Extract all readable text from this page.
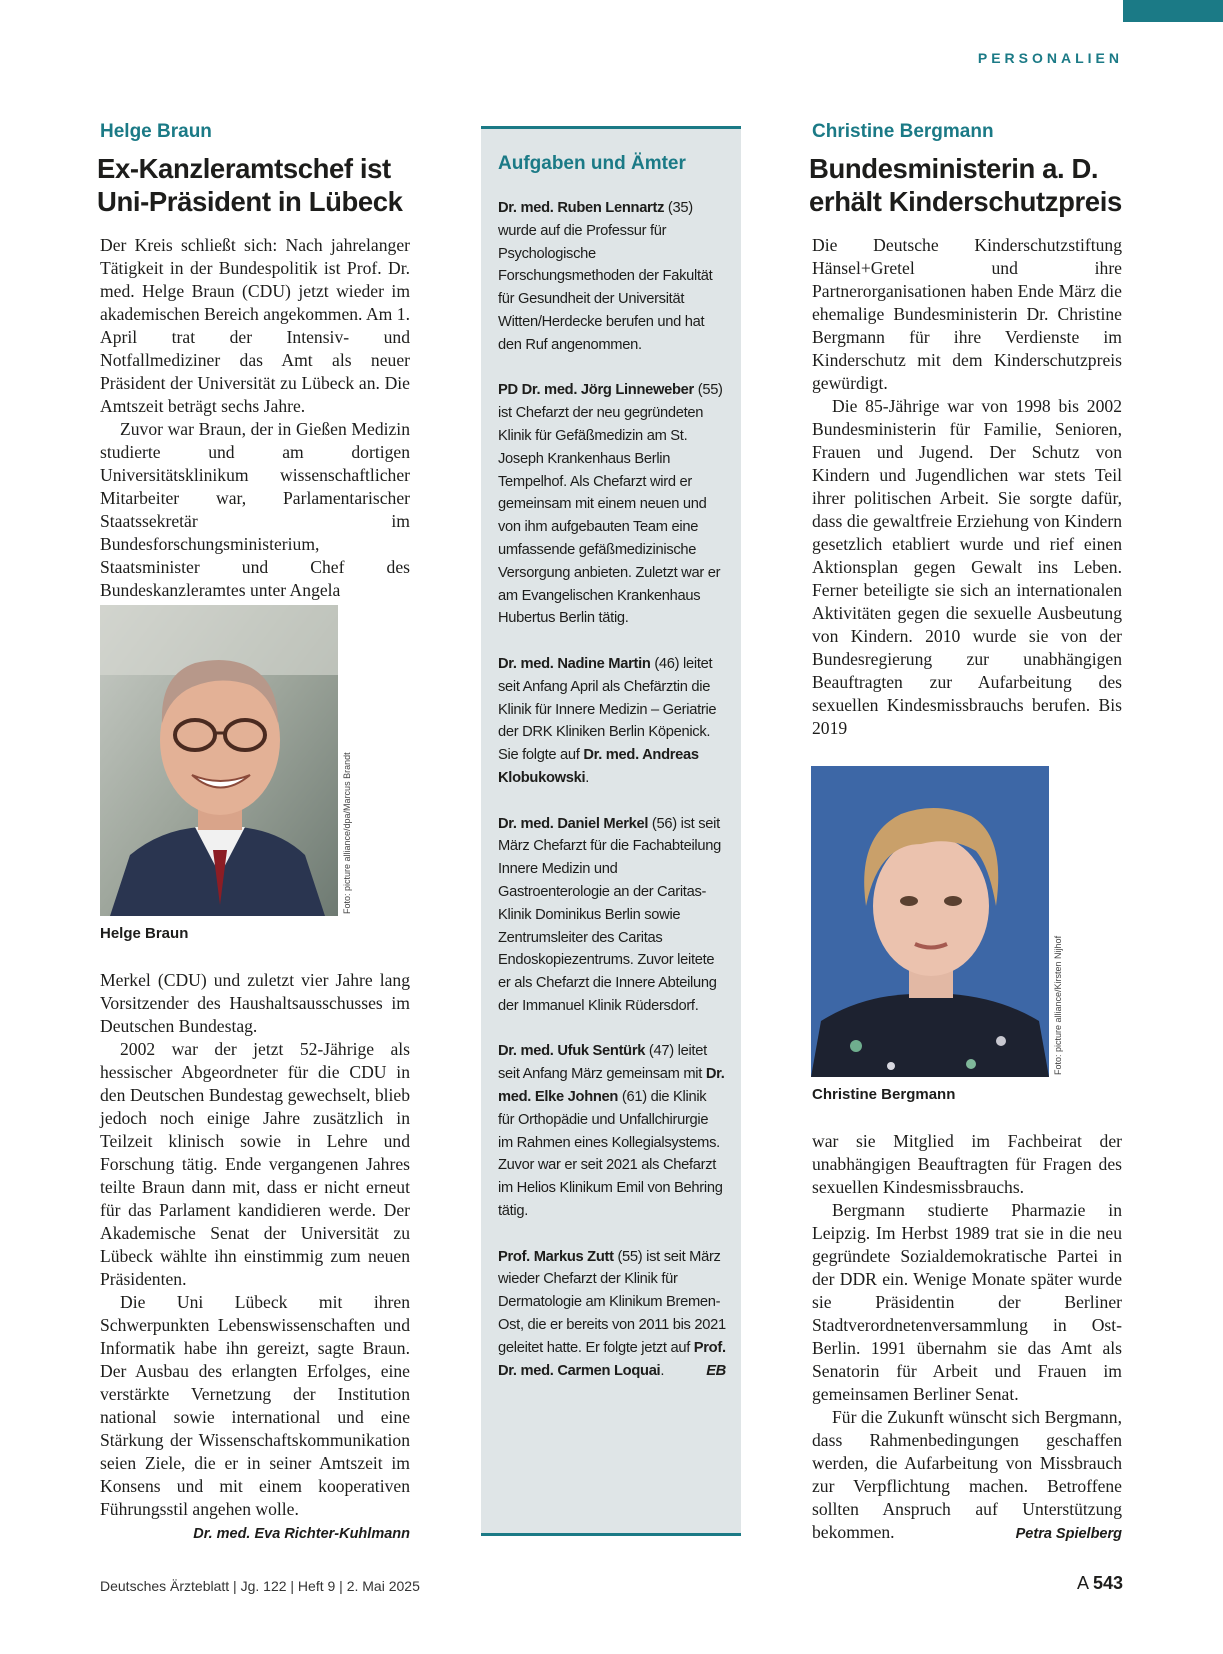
PERSONALIEN
Helge Braun
Ex-Kanzleramtschef ist
Uni-Präsident in Lübeck

Der Kreis schließt sich: Nach jahrelanger Tätigkeit in der Bundespolitik ist Prof. Dr. med. Helge Braun (CDU) jetzt wieder im akademischen Bereich angekommen. Am 1. April trat der Intensiv- und Notfallmediziner das Amt als neuer Präsident der Universität zu Lübeck an. Die Amtszeit beträgt sechs Jahre.

Zuvor war Braun, der in Gießen Medizin studierte und am dortigen Universitätsklinikum wissenschaftlicher Mitarbeiter war, Parlamentarischer Staatssekretär im Bundesforschungsministerium, Staatsminister und Chef des Bundeskanzleramtes unter Angela

Foto: picture alliance/dpa/Marcus Brandt
Helge Braun

Merkel (CDU) und zuletzt vier Jahre lang Vorsitzender des Haushaltsausschusses im Deutschen Bundestag.

2002 war der jetzt 52-Jährige als hessischer Abgeordneter für die CDU in den Deutschen Bundestag gewechselt, blieb jedoch noch einige Jahre zusätzlich in Teilzeit klinisch sowie in Lehre und Forschung tätig. Ende vergangenen Jahres teilte Braun dann mit, dass er nicht erneut für das Parlament kandidieren werde. Der Akademische Senat der Universität zu Lübeck wählte ihn einstimmig zum neuen Präsidenten.

Die Uni Lübeck mit ihren Schwerpunkten Lebenswissenschaften und Informatik habe ihn gereizt, sagte Braun. Der Ausbau des erlangten Erfolges, eine verstärkte Vernetzung der Institution national sowie international und eine Stärkung der Wissenschaftskommunikation seien Ziele, die er in seiner Amtszeit im Konsens und mit einem kooperativen Führungsstil angehen wolle.
Dr. med. Eva Richter-Kuhlmann

Aufgaben und Ämter

Dr. med. Ruben Lennartz (35) wurde auf die Professur für Psychologische Forschungsmethoden der Fakultät für Gesundheit der Universität Witten/Herdecke berufen und hat den Ruf angenommen.

PD Dr. med. Jörg Linneweber (55) ist Chefarzt der neu gegründeten Klinik für Gefäßmedizin am St. Joseph Krankenhaus Berlin Tempelhof. Als Chefarzt wird er gemeinsam mit einem neuen und von ihm aufgebauten Team eine umfassende gefäßmedizinische Versorgung anbieten. Zuletzt war er am Evangelischen Krankenhaus Hubertus Berlin tätig.

Dr. med. Nadine Martin (46) leitet seit Anfang April als Chefärztin die Klinik für Innere Medizin – Geriatrie der DRK Kliniken Berlin Köpenick. Sie folgte auf Dr. med. Andreas Klobukowski.

Dr. med. Daniel Merkel (56) ist seit März Chefarzt für die Fachabteilung Innere Medizin und Gastroenterologie an der Caritas-Klinik Dominikus Berlin sowie Zentrumsleiter des Caritas Endoskopiezentrums. Zuvor leitete er als Chefarzt die Innere Abteilung der Immanuel Klinik Rüdersdorf.

Dr. med. Ufuk Sentürk (47) leitet seit Anfang März gemeinsam mit Dr. med. Elke Johnen (61) die Klinik für Orthopädie und Unfallchirurgie im Rahmen eines Kollegialsystems. Zuvor war er seit 2021 als Chefarzt im Helios Klinikum Emil von Behring tätig.

Prof. Markus Zutt (55) ist seit März wieder Chefarzt der Klinik für Dermatologie am Klinikum Bremen-Ost, die er bereits von 2011 bis 2021 geleitet hatte. Er folgte jetzt auf Prof. Dr. med. Carmen Loquai.	EB

Christine Bergmann
Bundesministerin a. D.
erhält Kinderschutzpreis

Die Deutsche Kinderschutzstiftung Hänsel+Gretel und ihre Partnerorganisationen haben Ende März die ehemalige Bundesministerin Dr. Christine Bergmann für ihre Verdienste im Kinderschutz mit dem Kinderschutzpreis gewürdigt.

Die 85-Jährige war von 1998 bis 2002 Bundesministerin für Familie, Senioren, Frauen und Jugend. Der Schutz von Kindern und Jugendlichen war stets Teil ihrer politischen Arbeit. Sie sorgte dafür, dass die gewaltfreie Erziehung von Kindern gesetzlich etabliert wurde und rief einen Aktionsplan gegen Gewalt ins Leben. Ferner beteiligte sie sich an internationalen Aktivitäten gegen die sexuelle Ausbeutung von Kindern. 2010 wurde sie von der Bundesregierung zur unabhängigen Beauftragten zur Aufarbeitung des sexuellen Kindesmissbrauchs berufen. Bis 2019

Foto: picture alliance/Kirsten Nijhof
Christine Bergmann

war sie Mitglied im Fachbeirat der unabhängigen Beauftragten für Fragen des sexuellen Kindesmissbrauchs.

Bergmann studierte Pharmazie in Leipzig. Im Herbst 1989 trat sie in die neu gegründete Sozialdemokratische Partei in der DDR ein. Wenige Monate später wurde sie Präsidentin der Berliner Stadtverordnetenversammlung in Ost-Berlin. 1991 übernahm sie das Amt als Senatorin für Arbeit und Frauen im gemeinsamen Berliner Senat.

Für die Zukunft wünscht sich Bergmann, dass Rahmenbedingungen geschaffen werden, die Aufarbeitung von Missbrauch zur Verpflichtung machen. Betroffene sollten Anspruch auf Unterstützung bekommen.	Petra Spielberg

Deutsches Ärzteblatt | Jg. 122 | Heft 9 | 2. Mai 2025	A 543
